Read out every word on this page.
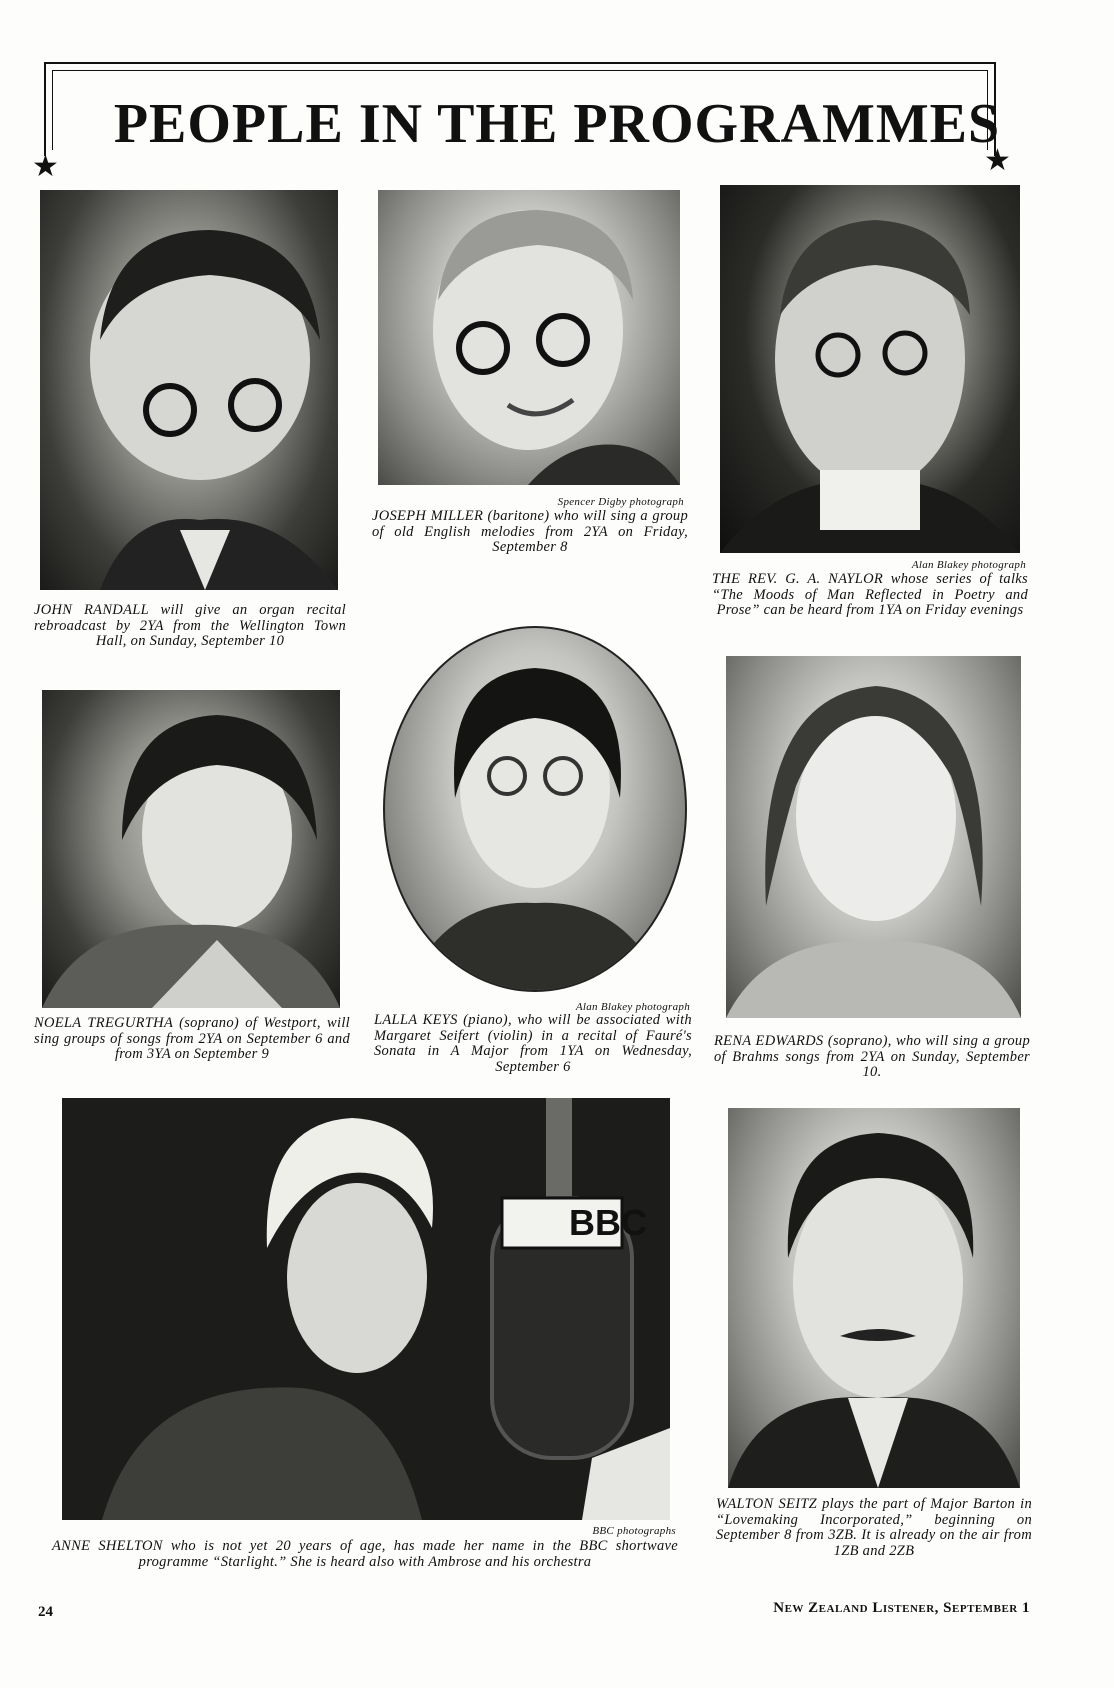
★	★
PEOPLE IN THE PROGRAMMES
JOHN RANDALL will give an organ recital rebroadcast by 2YA from the Wellington Town Hall, on Sunday, September 10
Spencer Digby photograph
JOSEPH MILLER (baritone) who will sing a group of old English melodies from 2YA on Friday, September 8
Alan Blakey photograph
THE REV. G. A. NAYLOR whose series of talks “The Moods of Man Reflected in Poetry and Prose” can be heard from 1YA on Friday evenings
NOELA TREGURTHA (soprano) of Westport, will sing groups of songs from 2YA on September 6 and from 3YA on September 9
Alan Blakey photograph
LALLA KEYS (piano), who will be associated with Margaret Seifert (violin) in a recital of Fauré's Sonata in A Major from 1YA on Wednesday, September 6
RENA EDWARDS (soprano), who will sing a group of Brahms songs from 2YA on Sunday, September 10.
BBC
BBC photographs
ANNE SHELTON who is not yet 20 years of age, has made her name in the BBC shortwave programme “Starlight.” She is heard also with Ambrose and his orchestra
WALTON SEITZ plays the part of Major Barton in “Lovemaking Incorporated,” beginning on September 8 from 3ZB. It is already on the air from 1ZB and 2ZB
24	New Zealand Listener, September 1
